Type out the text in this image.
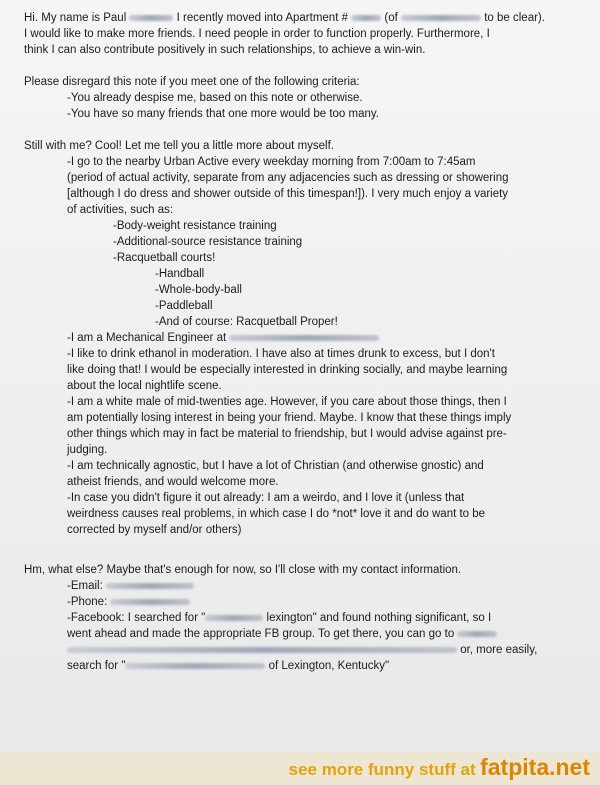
Hi. My name is Paul	I recently moved into Apartment #	(of	to be clear).
I would like to make more friends. I need people in order to function properly. Furthermore, I
think I can also contribute positively in such relationships, to achieve a win-win.
Please disregard this note if you meet one of the following criteria:
-You already despise me, based on this note or otherwise.
-You have so many friends that one more would be too many.
Still with me? Cool! Let me tell you a little more about myself.
-I go to the nearby Urban Active every weekday morning from 7:00am to 7:45am
(period of actual activity, separate from any adjacencies such as dressing or showering
[although I do dress and shower outside of this timespan!]). I very much enjoy a variety
of activities, such as:
-Body-weight resistance training
-Additional-source resistance training
-Racquetball courts!
-Handball
-Whole-body-ball
-Paddleball
-And of course: Racquetball Proper!
-I am a Mechanical Engineer at
-I like to drink ethanol in moderation. I have also at times drunk to excess, but I don't
like doing that! I would be especially interested in drinking socially, and maybe learning
about the local nightlife scene.
-I am a white male of mid-twenties age. However, if you care about those things, then I
am potentially losing interest in being your friend. Maybe. I know that these things imply
other things which may in fact be material to friendship, but I would advise against pre-
judging.
-I am technically agnostic, but I have a lot of Christian (and otherwise gnostic) and
atheist friends, and would welcome more.
-In case you didn't figure it out already: I am a weirdo, and I love it (unless that
weirdness causes real problems, in which case I do *not* love it and do want to be
corrected by myself and/or others)
Hm, what else? Maybe that's enough for now, so I'll close with my contact information.
-Email:
-Phone:
-Facebook: I searched for "	lexington" and found nothing significant, so I
went ahead and made the appropriate FB group. To get there, you can go to
or, more easily,
search for "	of Lexington, Kentucky"
see more funny stuff at fatpita.net
